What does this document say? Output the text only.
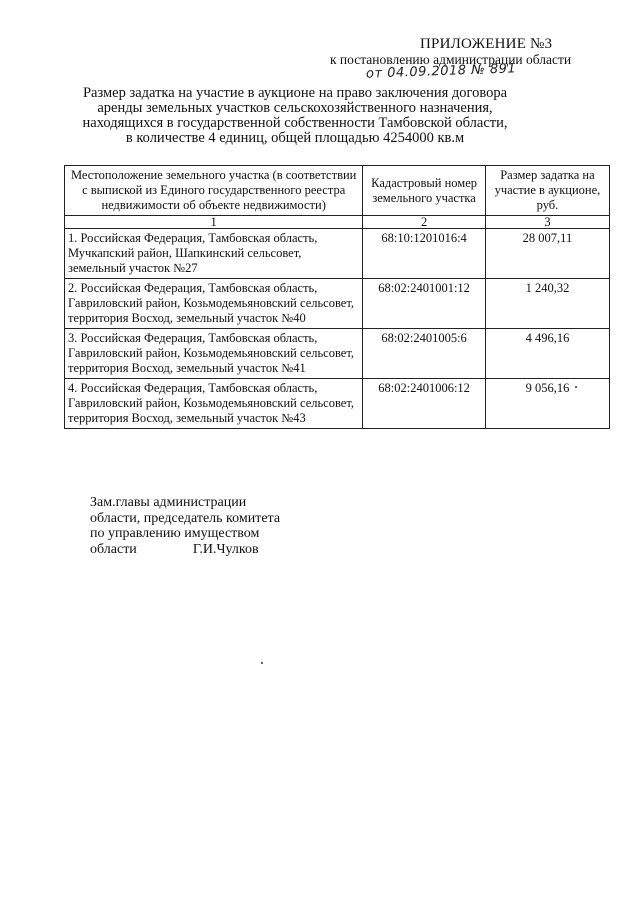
ПРИЛОЖЕНИЕ №3
к постановлению администрации области
от 04.09.2018 № 891
Размер задатка на участие в аукционе на право заключения договора аренды земельных участков сельскохозяйственного назначения, находящихся в государственной собственности Тамбовской области, в количестве 4 единиц, общей площадью 4254000 кв.м
Местоположение земельного участка (в соответствии с выпиской из Единого государственного реестра недвижимости об объекте недвижимости)	Кадастровый номер земельного участка	Размер задатка на участие в аукционе, руб.
1	2	3
1. Российская Федерация, Тамбовская область, Мучкапский район, Шапкинский сельсовет, земельный участок №27	68:10:1201016:4	28 007,11
2. Российская Федерация, Тамбовская область, Гавриловский район, Козьмодемьяновский сельсовет, территория Восход, земельный участок №40	68:02:2401001:12	1 240,32
3. Российская Федерация, Тамбовская область, Гавриловский район, Козьмодемьяновский сельсовет, территория Восход, земельный участок №41	68:02:2401005:6	4 496,16
4. Российская Федерация, Тамбовская область, Гавриловский район, Козьмодемьяновский сельсовет, территория Восход, земельный участок №43	68:02:2401006:12	9 056,16
Зам.главы администрации
области, председатель комитета
по управлению имуществом
области	Г.И.Чулков
